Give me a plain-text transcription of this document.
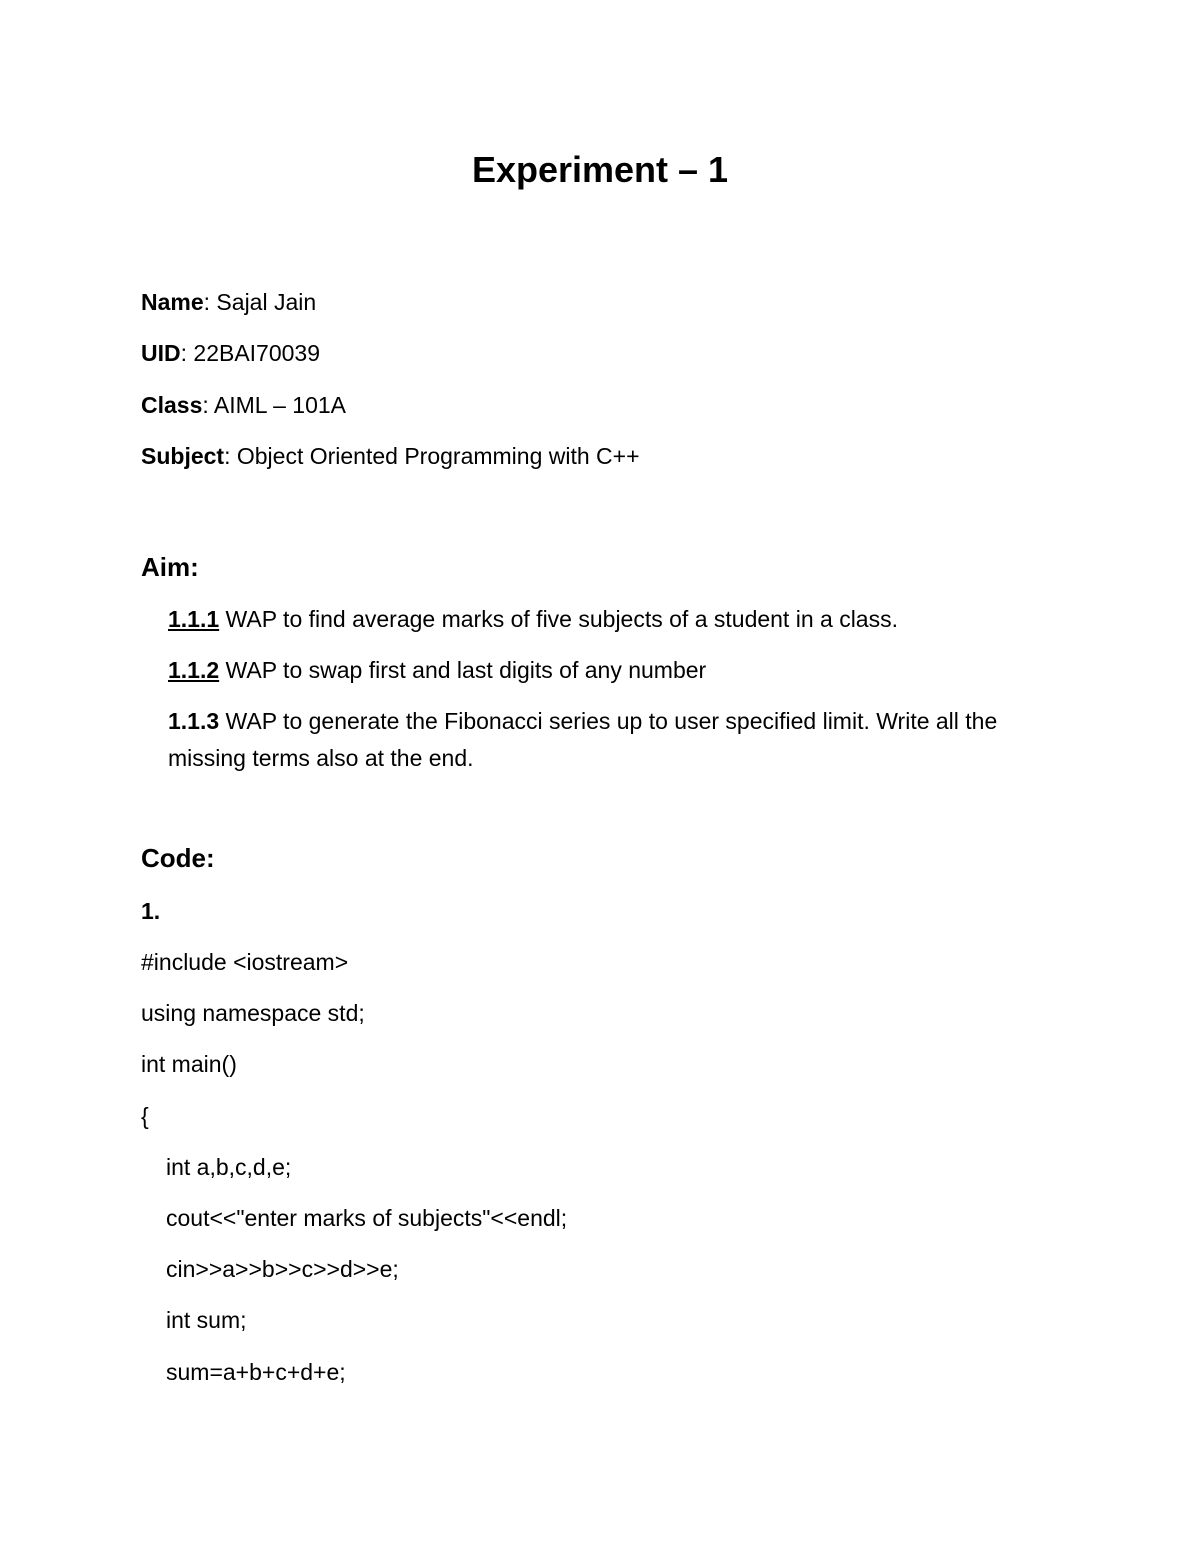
Experiment – 1
Name: Sajal Jain
UID: 22BAI70039
Class: AIML – 101A
Subject: Object Oriented Programming with C++
Aim:
1.1.1 WAP to find average marks of five subjects of a student in a class.
1.1.2 WAP to swap first and last digits of any number
1.1.3 WAP to generate the Fibonacci series up to user specified limit. Write all the missing terms also at the end.
Code:
1.
#include <iostream>
using namespace std;
int main()
{
int a,b,c,d,e;
cout<<"enter marks of subjects"<<endl;
cin>>a>>b>>c>>d>>e;
int sum;
sum=a+b+c+d+e;
